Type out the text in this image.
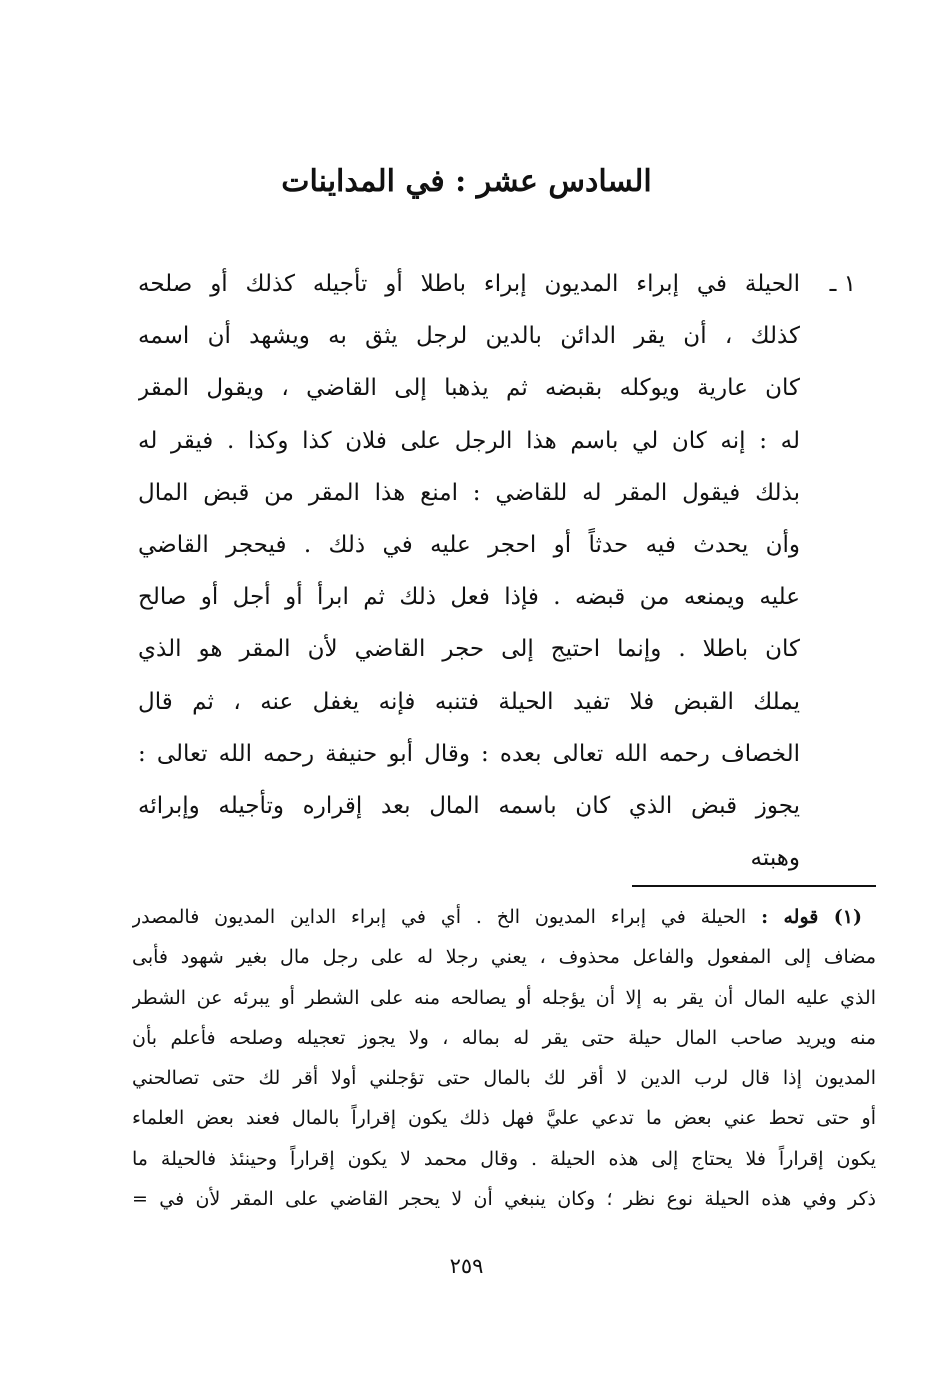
السادس عشر : في المداينات
١ ـ
الحيلة في إبراء المديون إبراء باطلا أو تأجيله كذلك أو صلحه
كذلك ، أن يقر الدائن بالدين لرجل يثق به ويشهد أن اسمه
كان عارية ويوكله بقبضه ثم يذهبا إلى القاضي ، ويقول المقر
له : إنه كان لي باسم هذا الرجل على فلان كذا وكذا . فيقر له
بذلك فيقول المقر له للقاضي : امنع هذا المقر من قبض المال
وأن يحدث فيه حدثاً أو احجر عليه في ذلك . فيحجر القاضي
عليه ويمنعه من قبضه . فإذا فعل ذلك ثم ابرأ أو أجل أو صالح
كان باطلا . وإنما احتيج إلى حجر القاضي لأن المقر هو الذي
يملك القبض فلا تفيد الحيلة فتنبه فإنه يغفل عنه ، ثم قال
الخصاف رحمه الله تعالى بعده : وقال أبو حنيفة رحمه الله تعالى :
يجوز قبض الذي كان باسمه المال بعد إقراره وتأجيله وإبرائه
وهبته
(١) قوله : الحيلة في إبراء المديون الخ . أي في إبراء الداين المديون فالمصدر
مضاف إلى المفعول والفاعل محذوف ، يعني رجلا له على رجل مال بغير شهود فأبى
الذي عليه المال أن يقر به إلا أن يؤجله أو يصالحه منه على الشطر أو يبرئه عن الشطر
منه ويريد صاحب المال حيلة حتى يقر له بماله ، ولا يجوز تعجيله وصلحه فأعلم بأن
المديون إذا قال لرب الدين لا أقر لك بالمال حتى تؤجلني أولا أقر لك حتى تصالحني
أو حتى تحط عني بعض ما تدعي عليَّ فهل ذلك يكون إقراراً بالمال فعند بعض العلماء
يكون إقراراً فلا يحتاج إلى هذه الحيلة . وقال محمد لا يكون إقراراً وحينئذ فالحيلة ما
ذكر وفي هذه الحيلة نوع نظر ؛ وكان ينبغي أن لا يحجر القاضي على المقر لأن في =
٢٥٩
